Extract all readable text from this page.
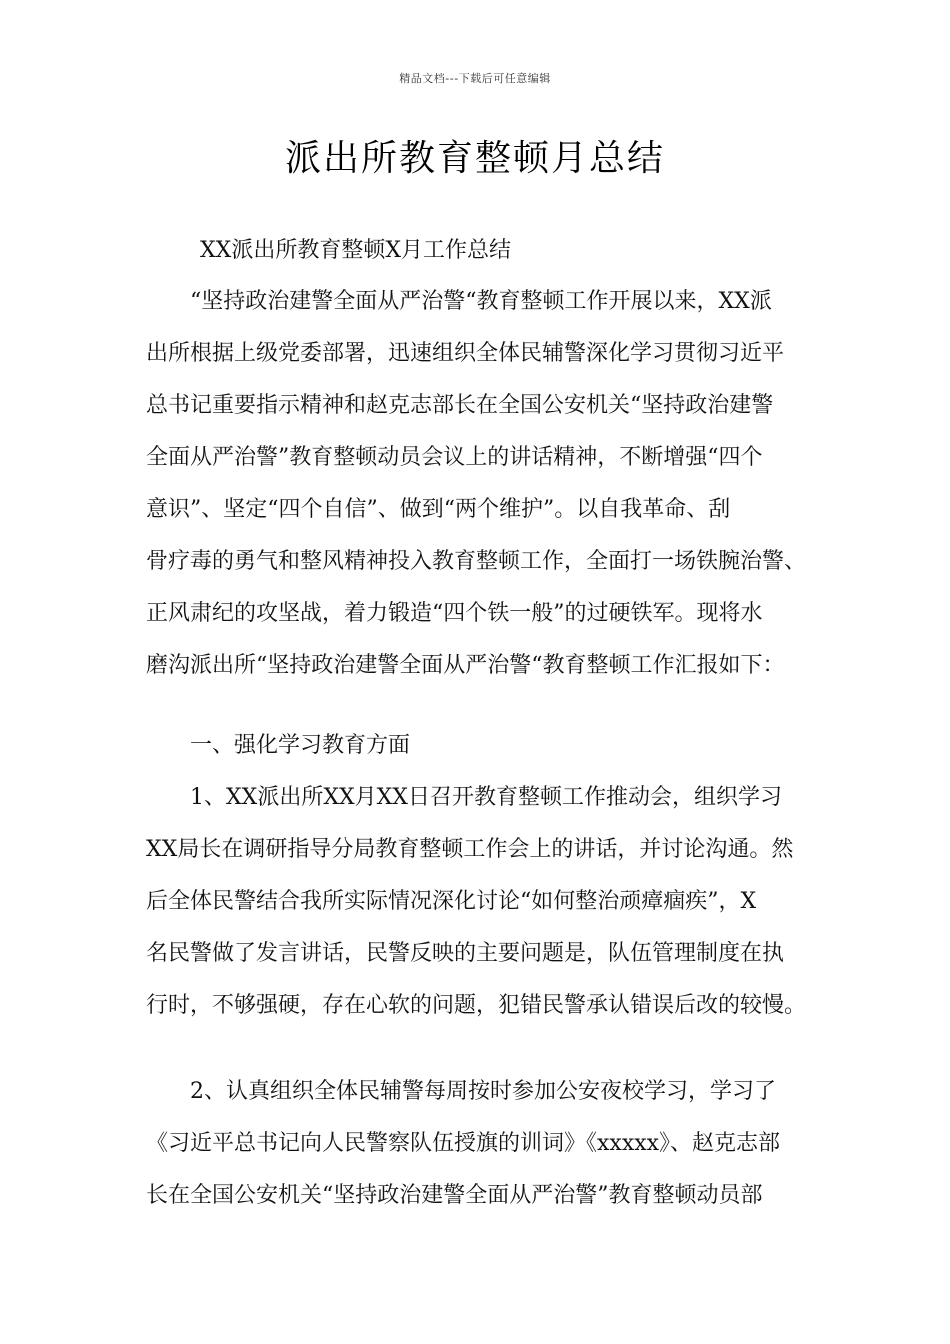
精品文档---下载后可任意编辑
派出所教育整顿月总结

XX派出所教育整顿X月工作总结

“坚持政治建警全面从严治警“教育整顿工作开展以来，XX派
出所根据上级党委部署，迅速组织全体民辅警深化学习贯彻习近平
总书记重要指示精神和赵克志部长在全国公安机关“坚持政治建警
全面从严治警”教育整顿动员会议上的讲话精神，不断增强“四个
意识”、坚定“四个自信”、做到“两个维护”。以自我革命、刮
骨疗毒的勇气和整风精神投入教育整顿工作，全面打一场铁腕治警、
正风肃纪的攻坚战，着力锻造“四个铁一般”的过硬铁军。现将水
磨沟派出所“坚持政治建警全面从严治警“教育整顿工作汇报如下：

一、强化学习教育方面

1、XX派出所XX月XX日召开教育整顿工作推动会，组织学习
XX局长在调研指导分局教育整顿工作会上的讲话，并讨论沟通。然
后全体民警结合我所实际情况深化讨论“如何整治顽瘴痼疾”，X
名民警做了发言讲话，民警反映的主要问题是，队伍管理制度在执
行时，不够强硬，存在心软的问题，犯错民警承认错误后改的较慢。
2、认真组织全体民辅警每周按时参加公安夜校学习，学习了
《习近平总书记向人民警察队伍授旗的训词》《xxxxx》、赵克志部
长在全国公安机关“坚持政治建警全面从严治警”教育整顿动员部
